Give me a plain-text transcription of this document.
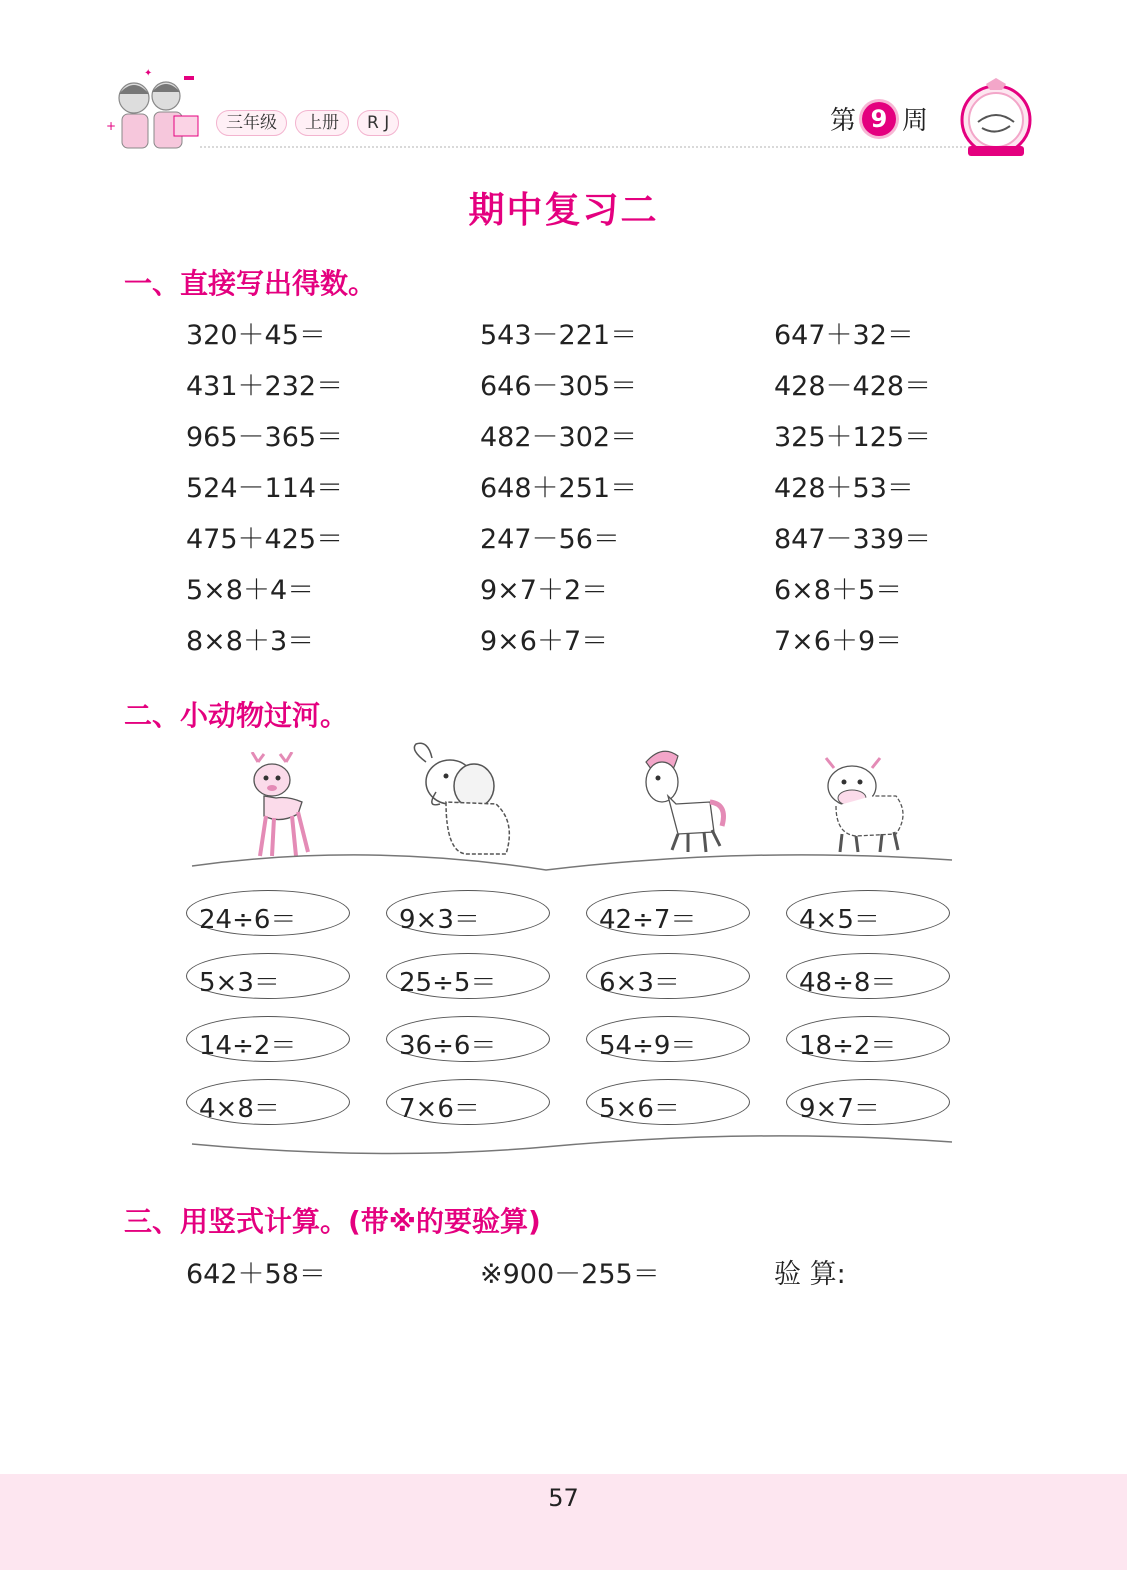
+
✦
三年级	上册	R J	第 9 周
期中复习二
一、直接写出得数。
320＋45＝	543－221＝	647＋32＝
431＋232＝	646－305＝	428－428＝
965－365＝	482－302＝	325＋125＝
524－114＝	648＋251＝	428＋53＝
475＋425＝	247－56＝	847－339＝
5×8＋4＝	9×7＋2＝	6×8＋5＝
8×8＋3＝	9×6＋7＝	7×6＋9＝
二、小动物过河。
24÷6＝	9×3＝	42÷7＝	4×5＝
5×3＝	25÷5＝	6×3＝	48÷8＝
14÷2＝	36÷6＝	54÷9＝	18÷2＝
4×8＝	7×6＝	5×6＝	9×7＝
三、用竖式计算。(带※的要验算)
642＋58＝	※900－255＝	验 算:
57
